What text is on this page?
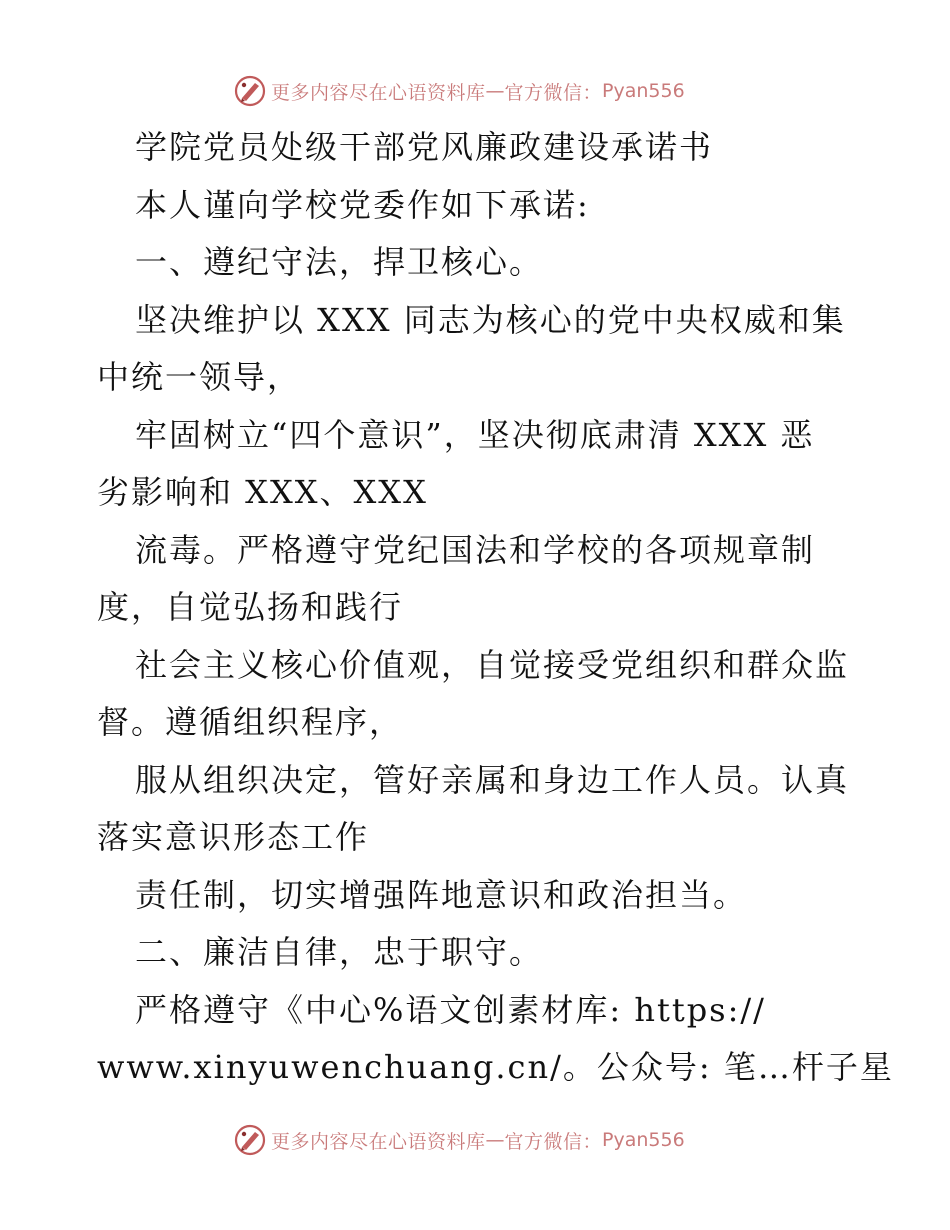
更多内容尽在心语资料库 — 官方微信： Pyan556
学院党员处级干部党风廉政建设承诺书
本人谨向学校党委作如下承诺:
一、遵纪守法，捍卫核心。
坚决维护以 XXX 同志为核心的党中央权威和集
中统一领导，
牢固树立“四个意识”，坚决彻底肃清 XXX 恶
劣影响和 XXX、XXX
流毒。严格遵守党纪国法和学校的各项规章制
度，自觉弘扬和践行
社会主义核心价值观，自觉接受党组织和群众监
督。遵循组织程序，
服从组织决定，管好亲属和身边工作人员。认真
落实意识形态工作
责任制，切实增强阵地意识和政治担当。
二、廉洁自律，忠于职守。
严格遵守《中心%语文创素材库: https://
www.xinyuwenchuang.cn/。公众号: 笔…杆子星
更多内容尽在心语资料库 — 官方微信： Pyan556
